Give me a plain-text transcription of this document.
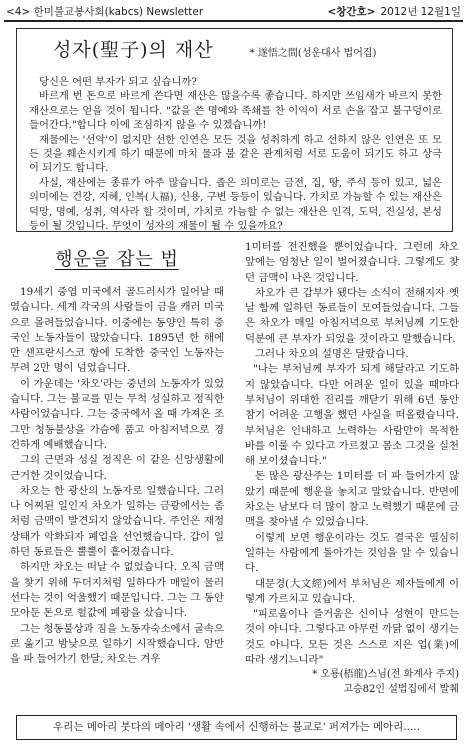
<4> 한미불교봉사회(kabcs) Newsletter	<창간호> 2012년 12월1일
성자(聖子)의 재산	* 遂悟之間(성운대사 법어집)

당신은 어떤 부자가 되고 싶습니까?

바르게 번 돈으로 바르게 쓴다면 재산은 많을수록 좋습니다. 하지만 쓰임새가 바르지 못한 재산으로는 얻을 것이 됩니다. "값을 쓴 명예와 족쇄를 찬 이익이 서로 손을 잡고 불구덩이로 들어간다."합니다 이에 조심하지 않을 수 있겠습니까!

재물에는 '선악'이 없지만 선한 인연은 모든 것을 성취하게 하고 선하지 않은 인연은 또 모든 것을 훼손시키게 하기 때문에 마치 물과 불 같은 관계처럼 서로 도움이 되기도 하고 상극이 되기도 합니다.

사실, 재산에는 종류가 아주 많습니다. 좁은 의미로는 금전, 집, 땅, 주식 등이 있고, 넓은 의미에는 건강, 지혜, 인복(人福), 신용, 구변 등등이 있습니다. 가치로 가늠할 수 있는 재산은 덕망, 명예, 성취, 역사라 할 것이며, 가치로 가늠할 수 없는 재산은 인격, 도덕, 진실성, 본성 등이 될 것입니다. 무엇이 성자의 재물이 될 수 있을까요?

행운을 잡는 법

19세기 중엽 미국에서 골드러시가 일어날 때였습니다. 세계 각국의 사람들이 금을 캐러 미국으로 몰려들었습니다. 이중에는 동양인 특히 중국인 노동자들이 많았습니다. 1895년 한 해에만 샌프란시스코 항에 도착한 중국인 노동자는 무려 2만 명이 넘었습니다.

이 가운데는 '차오'라는 중년의 노동자가 있었습니다. 그는 불교를 믿는 무척 성실하고 정직한 사람이었습니다. 그는 중국에서 올 때 가져온 조그만 청동불상을 가슴에 품고 아침저녁으로 경건하게 예배했습니다.

그의 근면과 성실 정직은 이 같은 신앙생활에 근거한 것이었습니다.

차오는 한 광산의 노동자로 일했습니다. 그러나 어찌된 일인지 차오가 일하는 금광에서는 좀처럼 금맥이 발견되지 않았습니다. 주인은 재정상태가 악화되자 폐업을 선언했습니다. 갑이 일하던 동료들은 뿔뿔이 흩어졌습니다.

하지만 차오는 떠날 수 없었습니다. 오직 금맥을 찾기 위해 두더지처럼 일하다가 매일이 물러선다는 것이 억울했기 때문입니다. 그는 그 동안 모아둔 돈으로 헐값에 폐광을 샀습니다.

그는 청동불상과 짐을 노동자숙소에서 굴속으로 옮기고 밤낮으로 일하기 시작했습니다. 암반을 파 들어가기 한달, 차오는 겨우

1미터를 전진했을 뿐이었습니다. 그런데 차오 앞에는 엄청난 일이 벌어졌습니다. 그렇게도 찾던 금맥이 나온 것입니다.

차오가 큰 갑부가 됐다는 소식이 전해지자 옛날 함께 일하던 동료들이 모여들었습니다. 그들은 차오가 매일 아침저녁으로 부처님께 기도한 덕분에 큰 부자가 되었을 것이라고 말했습니다.

그러나 차오의 설명은 달랐습니다.

"나는 부처님께 부자가 되게 해달라고 기도하지 않았습니다. 다만 어려운 일이 있을 때마다 부처님이 위대한 진리를 깨닫기 위해 6년 동안 참기 어려운 고행을 했던 사실을 떠올렸습니다. 부처님은 인내하고 노력하는 사람만이 목적한 바를 이룰 수 있다고 가르쳤고 몸소 그것을 실천해 보이셨습니다."

돈 많은 광산주는 1미터를 더 파 들어가지 않았기 때문에 행운을 놓치고 말았습니다. 반면에 차오는 남보다 더 많이 참고 노력했기 때문에 금맥을 찾아낼 수 있었습니다.

이렇게 보면 행운이라는 것도 결국은 열심히 일하는 사람에게 돌아가는 것임을 알 수 있습니다.

대문경(大文經)에서 부처님은 제자들에게 이렇게 가르치고 있습니다.

"피로움이나 즐거움은 신이나 성현이 만드는 것이 아니다. 그렇다고 아무런 까닭 없이 생기는 것도 아니다. 모든 것은 스스로 지은 업(業)에 따라 생기느니라"

* 오룡(梧龍)스님(전 화계사 주지)

고승82인 설법집에서 발췌

우리는 메아리 붓다의 메아리 '생활 속에서 신행하는 불교로' 퍼져가는 메아리.....
